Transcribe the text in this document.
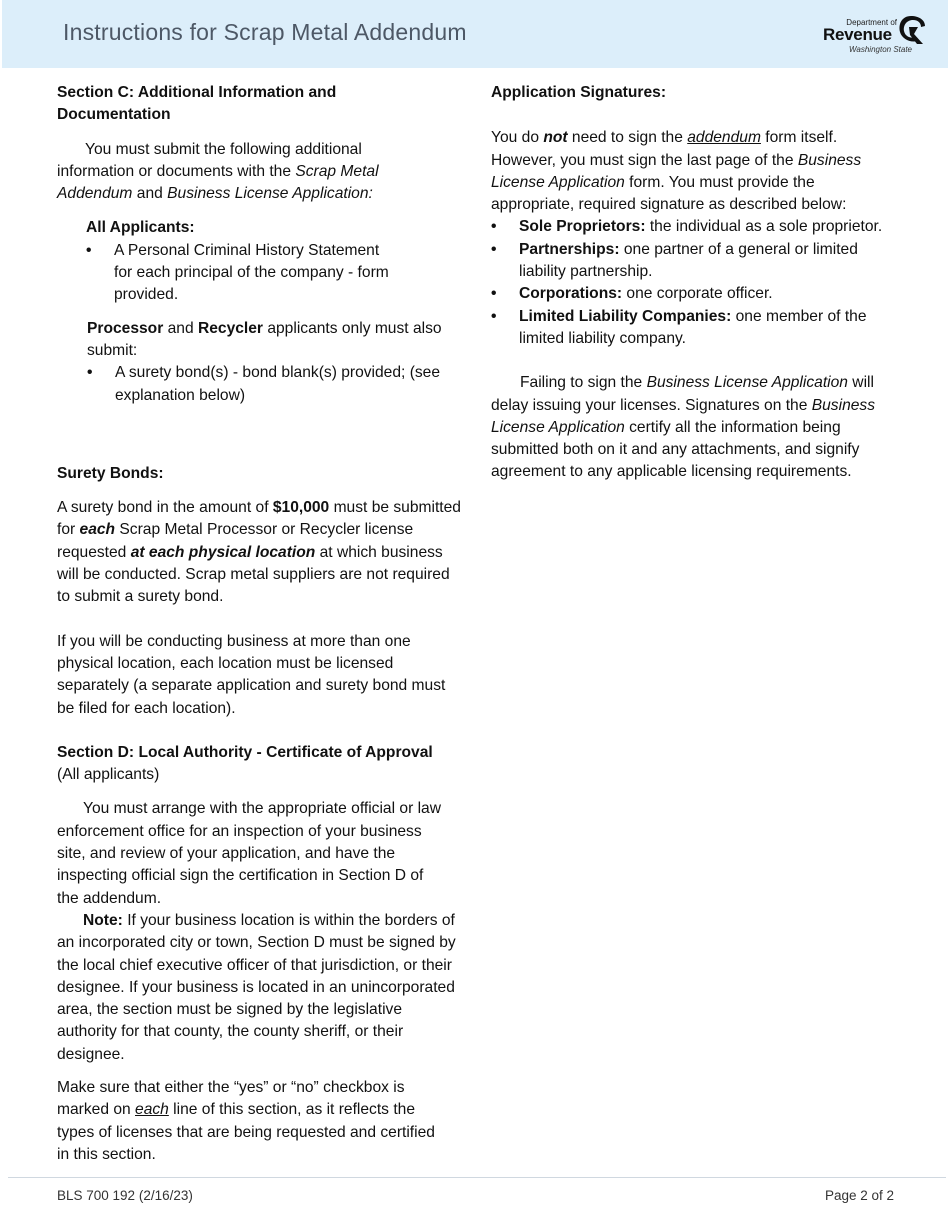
Instructions for Scrap Metal Addendum	Department of
Revenue
Washington State

Section C: Additional Information and Documentation

You must submit the following additional information or documents with the Scrap Metal Addendum and Business License Application:

All Applicants:

• A Personal Criminal History Statement for each principal of the company - form provided.

Processor and Recycler applicants only must also submit:

• A surety bond(s) - bond blank(s) provided; (see explanation below)

Surety Bonds:

A surety bond in the amount of $10,000 must be submitted for each Scrap Metal Processor or Recycler license requested at each physical location at which business will be conducted. Scrap metal suppliers are not required to submit a surety bond.

If you will be conducting business at more than one physical location, each location must be licensed separately (a separate application and surety bond must be filed for each location).

Section D: Local Authority - Certificate of Approval

(All applicants)

You must arrange with the appropriate official or law enforcement office for an inspection of your business site, and review of your application, and have the inspecting official sign the certification in Section D of the addendum.

Note: If your business location is within the borders of an incorporated city or town, Section D must be signed by the local chief executive officer of that jurisdiction, or their designee. If your business is located in an unincorporated area, the section must be signed by the legislative authority for that county, the county sheriff, or their designee.

Make sure that either the “yes” or “no” checkbox is marked on each line of this section, as it reflects the types of licenses that are being requested and certified in this section.

Application Signatures:

You do not need to sign the addendum form itself. However, you must sign the last page of the Business License Application form. You must provide the appropriate, required signature as described below:

• Sole Proprietors: the individual as a sole proprietor.
• Partnerships: one partner of a general or limited liability partnership.
• Corporations: one corporate officer.
• Limited Liability Companies: one member of the limited liability company.

Failing to sign the Business License Application will delay issuing your licenses. Signatures on the Business License Application certify all the information being submitted both on it and any attachments, and signify agreement to any applicable licensing requirements.

BLS 700 192 (2/16/23)	Page 2 of 2
